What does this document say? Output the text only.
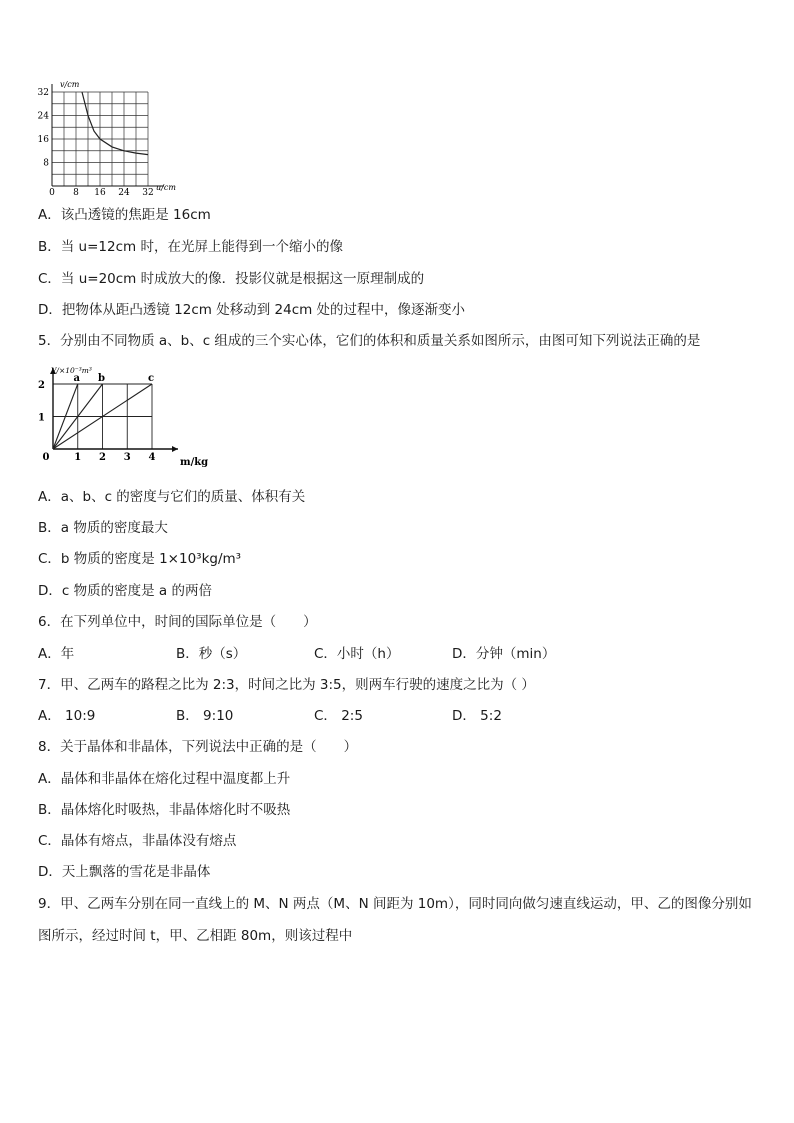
0 8 16 24 32
8
16
24
32
v/cm
u/cm
A．该凸透镜的焦距是 16cm
B．当 u=12cm 时，在光屏上能得到一个缩小的像
C．当 u=20cm 时成放大的像．投影仪就是根据这一原理制成的
D．把物体从距凸透镜 12cm 处移动到 24cm 处的过程中，像逐渐变小
5．分别由不同物质 a、b、c 组成的三个实心体，它们的体积和质量关系如图所示，由图可知下列说法正确的是
a b	c
0 1 2 3 4
1
2
V/×10⁻³m³
m/kg
A．a、b、c 的密度与它们的质量、体积有关
B．a 物质的密度最大
C．b 物质的密度是 1×10³kg/m³
D．c 物质的密度是 a 的两倍
6．在下列单位中，时间的国际单位是（　　）
A．年	B．秒（s）	C．小时（h）	D．分钟（min）
7．甲、乙两车的路程之比为 2:3，时间之比为 3:5，则两车行驶的速度之比为（ ）
A． 10:9	B． 9:10	C． 2:5	D． 5:2
8．关于晶体和非晶体，下列说法中正确的是（　　）
A．晶体和非晶体在熔化过程中温度都上升
B．晶体熔化时吸热，非晶体熔化时不吸热
C．晶体有熔点，非晶体没有熔点
D．天上飘落的雪花是非晶体
9．甲、乙两车分别在同一直线上的 M、N 两点（M、N 间距为 10m），同时同向做匀速直线运动，甲、乙的图像分别如图所示，经过时间 t，甲、乙相距 80m，则该过程中
